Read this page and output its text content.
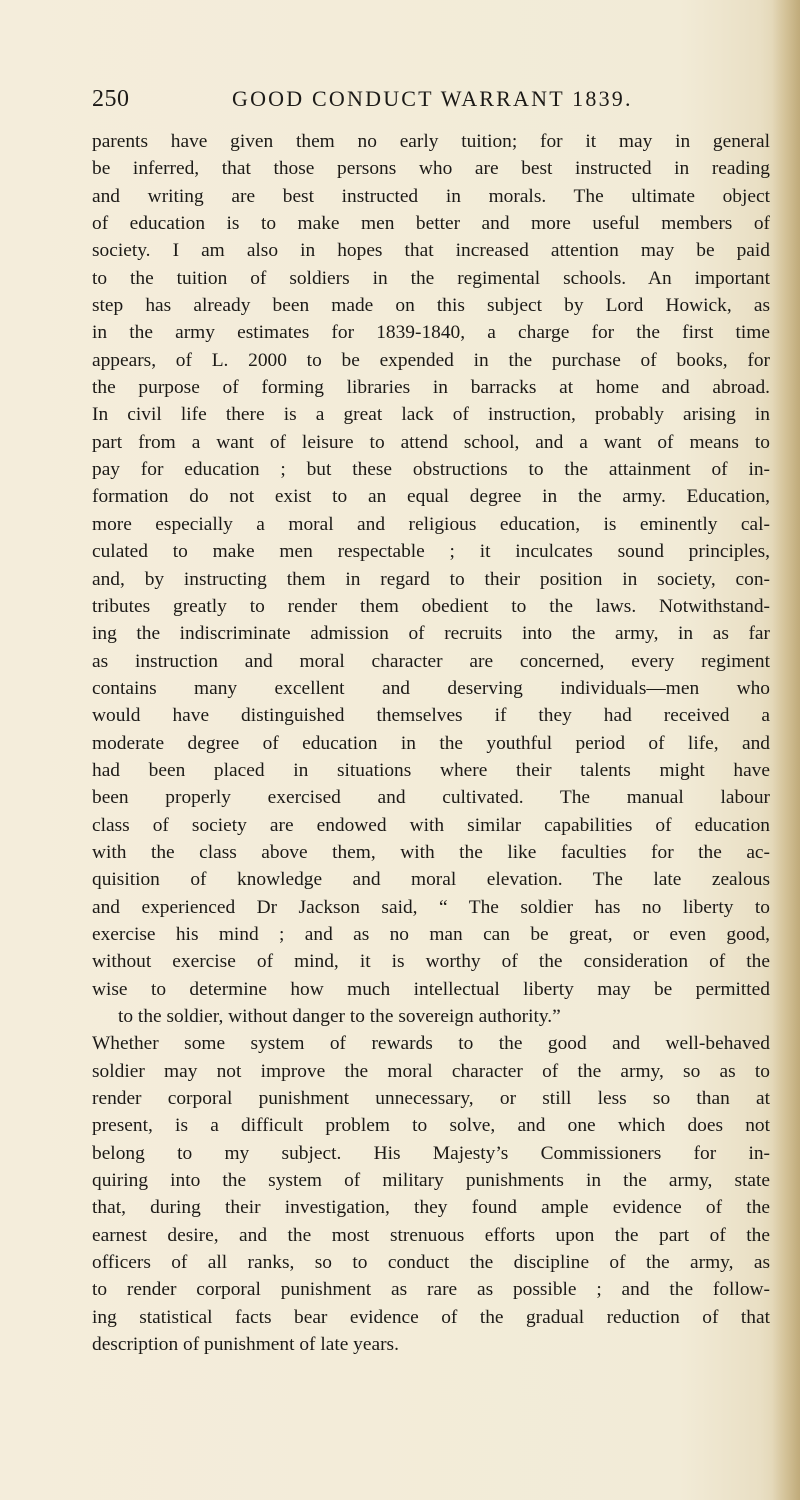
250	GOOD CONDUCT WARRANT 1839.
parents have given them no early tuition; for it may in general
be inferred, that those persons who are best instructed in reading
and writing are best instructed in morals. The ultimate object
of education is to make men better and more useful members of
society. I am also in hopes that increased attention may be paid
to the tuition of soldiers in the regimental schools. An important
step has already been made on this subject by Lord Howick, as
in the army estimates for 1839-1840, a charge for the first time
appears, of L. 2000 to be expended in the purchase of books, for
the purpose of forming libraries in barracks at home and abroad.
In civil life there is a great lack of instruction, probably arising in
part from a want of leisure to attend school, and a want of means to
pay for education ; but these obstructions to the attainment of in-
formation do not exist to an equal degree in the army. Education,
more especially a moral and religious education, is eminently cal-
culated to make men respectable ; it inculcates sound principles,
and, by instructing them in regard to their position in society, con-
tributes greatly to render them obedient to the laws. Notwithstand-
ing the indiscriminate admission of recruits into the army, in as far
as instruction and moral character are concerned, every regiment
contains many excellent and deserving individuals—men who
would have distinguished themselves if they had received a
moderate degree of education in the youthful period of life, and
had been placed in situations where their talents might have
been properly exercised and cultivated. The manual labour
class of society are endowed with similar capabilities of education
with the class above them, with the like faculties for the ac-
quisition of knowledge and moral elevation. The late zealous
and experienced Dr Jackson said, “ The soldier has no liberty to
exercise his mind ; and as no man can be great, or even good,
without exercise of mind, it is worthy of the consideration of the
wise to determine how much intellectual liberty may be permitted
to the soldier, without danger to the sovereign authority.”
Whether some system of rewards to the good and well-behaved
soldier may not improve the moral character of the army, so as to
render corporal punishment unnecessary, or still less so than at
present, is a difficult problem to solve, and one which does not
belong to my subject. His Majesty’s Commissioners for in-
quiring into the system of military punishments in the army, state
that, during their investigation, they found ample evidence of the
earnest desire, and the most strenuous efforts upon the part of the
officers of all ranks, so to conduct the discipline of the army, as
to render corporal punishment as rare as possible ; and the follow-
ing statistical facts bear evidence of the gradual reduction of that
description of punishment of late years.
